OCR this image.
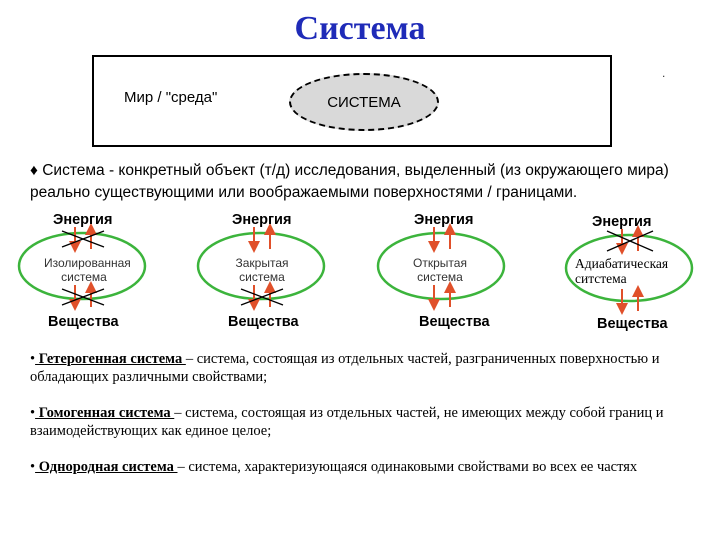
Система
Мир / "среда"	СИСТЕМА
.
♦ Система - конкретный объект (т/д) исследования, выделенный (из окружающего мира) реально существующими или воображаемыми поверхностями / границами.
Энергия
Изолированная
система
Вещества
Энергия
Закрытая
система
Вещества
Энергия
Открытая
система
Вещества
Энергия
Адиабатическая
ситстема
Вещества

• Гетерогенная система – система, состоящая из отдельных частей, разграниченных поверхностью и обладающих различными свойствами;

• Гомогенная система – система, состоящая из отдельных частей, не имеющих между собой границ и взаимодействующих как единое целое;

• Однородная система – система, характеризующаяся одинаковыми свойствами во всех ее частях
